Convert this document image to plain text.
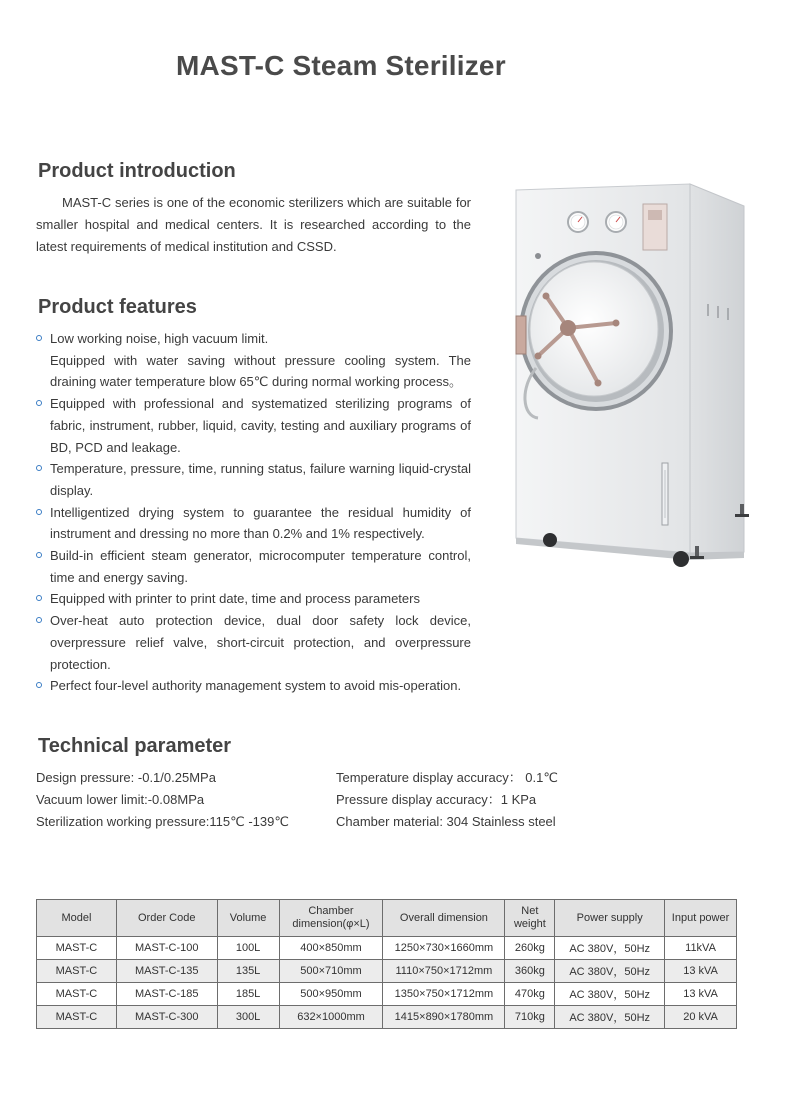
MAST-C Steam Sterilizer
Product introduction

MAST-C series is one of the economic sterilizers which are suitable for smaller hospital and medical centers. It is researched according to the latest requirements of medical institution and CSSD.

Product features
Low working noise, high vacuum limit.
Equipped with water saving without pressure cooling system. The draining water temperature blow 65℃ during normal working process。
Equipped with professional and systematized sterilizing programs of fabric, instrument, rubber, liquid, cavity, testing and auxiliary programs of BD, PCD and leakage.
Temperature, pressure, time, running status, failure warning liquid-crystal display.
Intelligentized drying system to guarantee the residual humidity of instrument and dressing no more than 0.2% and 1% respectively.
Build-in efficient steam generator, microcomputer temperature control, time and energy saving.
Equipped with printer to print date, time and process parameters
Over-heat auto protection device, dual door safety lock device, overpressure relief valve, short-circuit protection, and overpressure protection.
Perfect four-level authority management system to avoid mis-operation.
Technical parameter
Design pressure: -0.1/0.25MPa
Vacuum lower limit:-0.08MPa
Sterilization working pressure:115℃ -139℃
Temperature display accuracy： 0.1℃
Pressure display accuracy：1 KPa
Chamber material: 304 Stainless steel
Model	Order Code	Volume	Chamber dimension(φ×L)	Overall dimension	Net weight	Power supply	Input power
MAST-C	MAST-C-100	100L	400×850mm	1250×730×1660mm	260kg	AC 380V，50Hz	11kVA
MAST-C	MAST-C-135	135L	500×710mm	1110×750×1712mm	360kg	AC 380V，50Hz	13 kVA
MAST-C	MAST-C-185	185L	500×950mm	1350×750×1712mm	470kg	AC 380V，50Hz	13 kVA
MAST-C	MAST-C-300	300L	632×1000mm	1415×890×1780mm	710kg	AC 380V，50Hz	20 kVA
